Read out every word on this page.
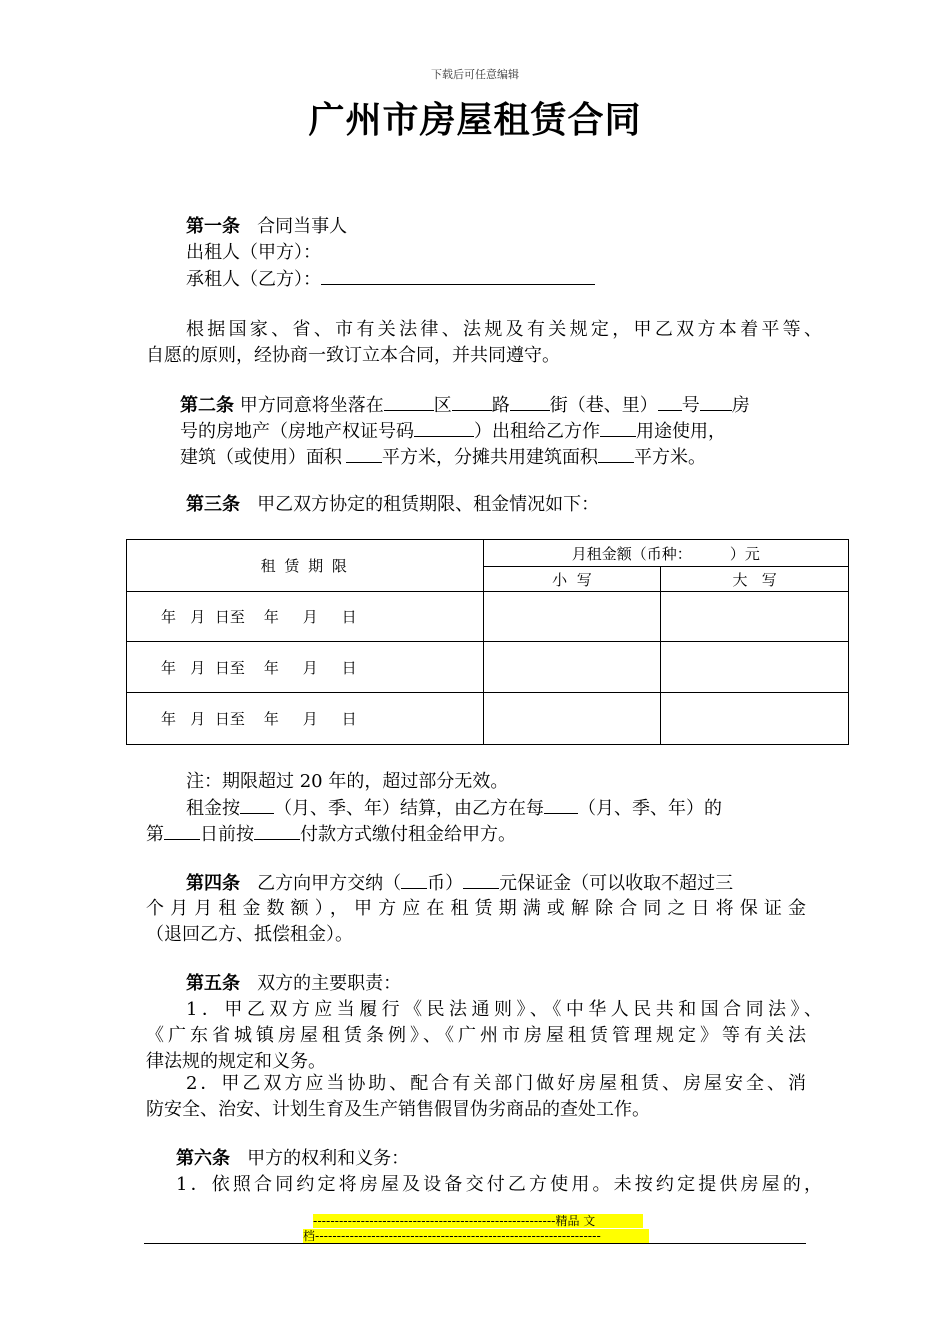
下载后可任意编辑
广州市房屋租赁合同
第一条 合同当事人
出租人（甲方）：
承租人（乙方）：
根据国家、省、市有关法律、法规及有关规定，甲乙双方本着平等、
自愿的原则，经协商一致订立本合同，并共同遵守。
第二条 甲方同意将坐落在	区 路 街（巷、里） 号 房
号的房地产（房地产权证号码	）出租给乙方作 用途使用，
建筑（或使用）面积 平方米，分摊共用建筑面积 平方米。
第三条 甲乙双方协定的租赁期限、租金情况如下：
租 赁 期 限	月租金额（币种：        ）元	
	小  写	大   写
年   月  日至    年     月     日		
年   月  日至    年     月     日		
年   月  日至    年     月     日		
注：期限超过 20 年的，超过部分无效。
租金按 （月、季、年）结算，由乙方在每 （月、季、年）的
第 日前按	付款方式缴付租金给甲方。
第四条 乙方向甲方交纳（ 币） 元保证金（可以收取不超过三
个月月租金数额），甲方应在租赁期满或解除合同之日将保证金
（退回乙方、抵偿租金）。
第五条 双方的主要职责：
1．甲乙双方应当履行《民法通则》、《中华人民共和国合同法》、
《广东省城镇房屋租赁条例》、《广州市房屋租赁管理规定》等有关法
律法规的规定和义务。
2．甲乙双方应当协助、配合有关部门做好房屋租赁、房屋安全、消
防安全、治安、计划生育及生产销售假冒伪劣商品的查处工作。
第六条 甲方的权利和义务：
1．依照合同约定将房屋及设备交付乙方使用。未按约定提供房屋的，
--------------------------------------------------------精品 文
档------------------------------------------------------------------
